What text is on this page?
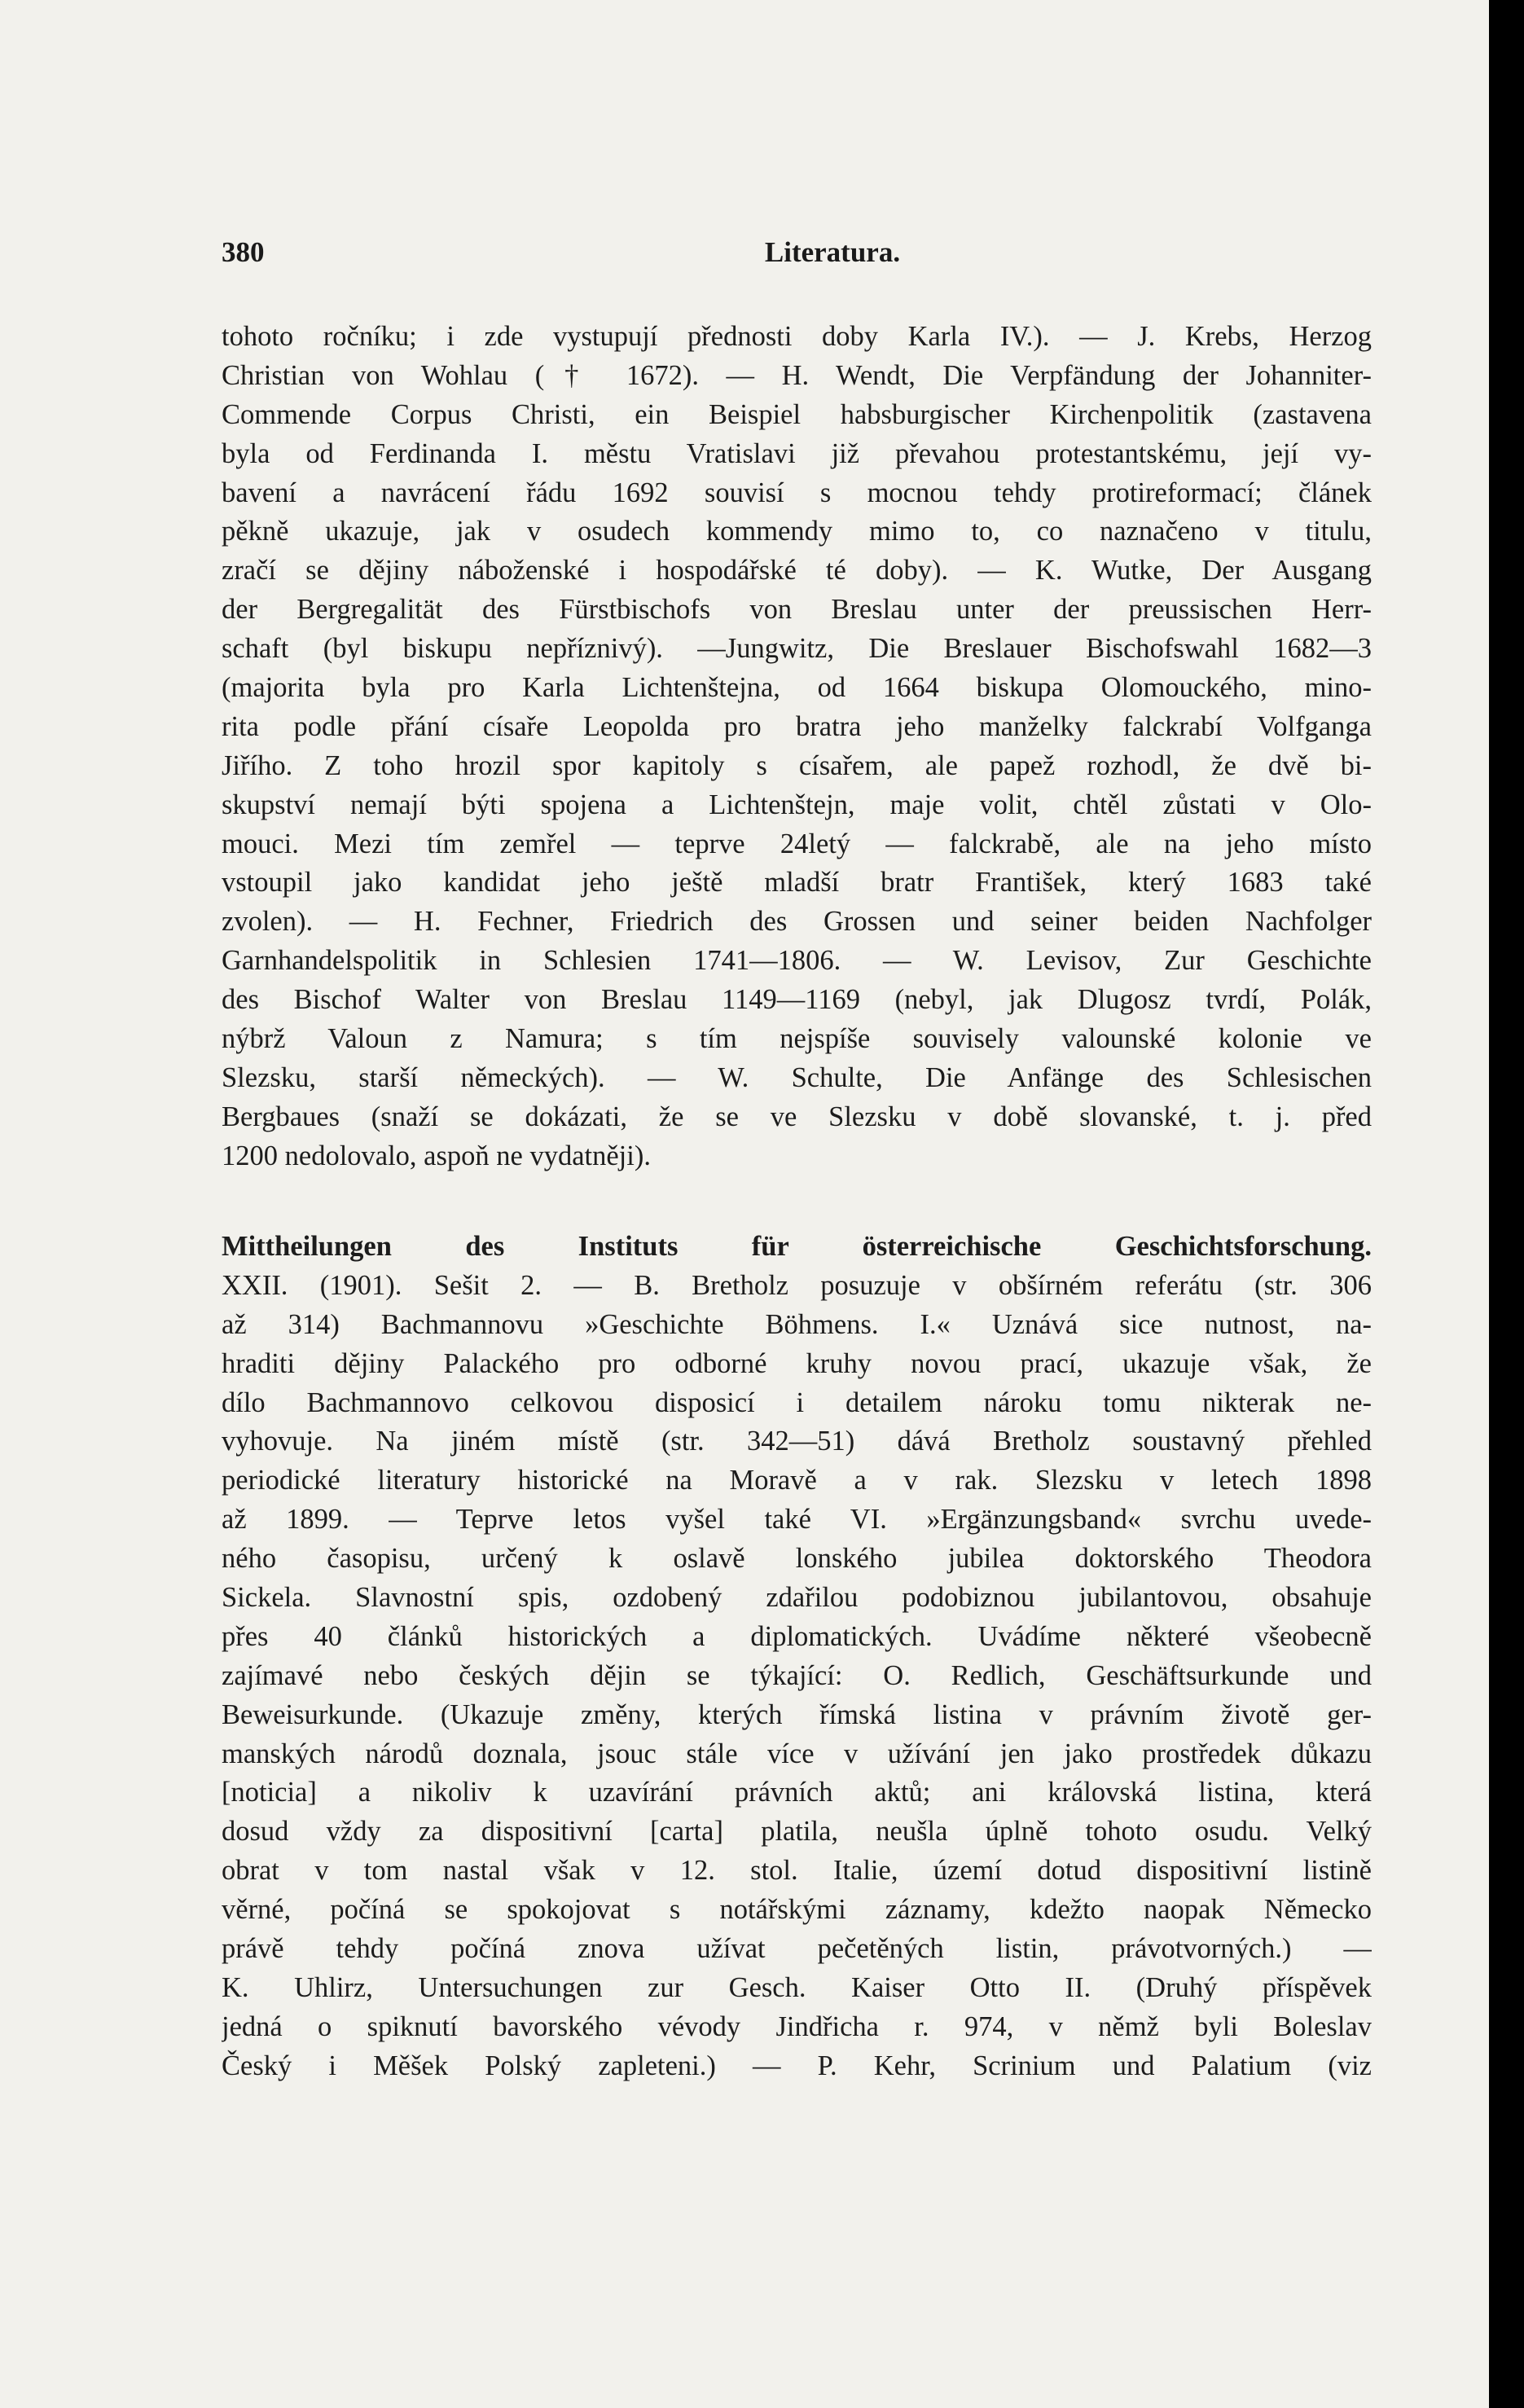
380	Literatura.
tohoto ročníku; i zde vystupují přednosti doby Karla IV.). — J. Krebs, Herzog
Christian von Wohlau († 1672). — H. Wendt, Die Verpfändung der Johanniter-
Commende Corpus Christi, ein Beispiel habsburgischer Kirchenpolitik (zastavena
byla od Ferdinanda I. městu Vratislavi již převahou protestantskému, její vy-
bavení a navrácení řádu 1692 souvisí s mocnou tehdy protireformací; článek
pěkně ukazuje, jak v osudech kommendy mimo to, co naznačeno v titulu,
zračí se dějiny náboženské i hospodářské té doby). — K. Wutke, Der Ausgang
der Bergregalität des Fürstbischofs von Breslau unter der preussischen Herr-
schaft (byl biskupu nepříznivý). —Jungwitz, Die Breslauer Bischofswahl 1682—3
(majorita byla pro Karla Lichtenštejna, od 1664 biskupa Olomouckého, mino-
rita podle přání císaře Leopolda pro bratra jeho manželky falckrabí Volfganga
Jiřího. Z toho hrozil spor kapitoly s císařem, ale papež rozhodl, že dvě bi-
skupství nemají býti spojena a Lichtenštejn, maje volit, chtěl zůstati v Olo-
mouci. Mezi tím zemřel — teprve 24letý — falckrabě, ale na jeho místo
vstoupil jako kandidat jeho ještě mladší bratr František, který 1683 také
zvolen). — H. Fechner, Friedrich des Grossen und seiner beiden Nachfolger
Garnhandelspolitik in Schlesien 1741—1806. — W. Levisov, Zur Geschichte
des Bischof Walter von Breslau 1149—1169 (nebyl, jak Dlugosz tvrdí, Polák,
nýbrž Valoun z Namura; s tím nejspíše souvisely valounské kolonie ve
Slezsku, starší německých). — W. Schulte, Die Anfänge des Schlesischen
Bergbaues (snaží se dokázati, že se ve Slezsku v době slovanské, t. j. před
1200 nedolovalo, aspoň ne vydatněji).
Mittheilungen des Instituts für österreichische Geschichtsforschung.
XXII. (1901). Sešit 2. — B. Bretholz posuzuje v obšírném referátu (str. 306
až 314) Bachmannovu »Geschichte Böhmens. I.« Uznává sice nutnost, na-
hraditi dějiny Palackého pro odborné kruhy novou prací, ukazuje však, že
dílo Bachmannovo celkovou disposicí i detailem nároku tomu nikterak ne-
vyhovuje. Na jiném místě (str. 342—51) dává Bretholz soustavný přehled
periodické literatury historické na Moravě a v rak. Slezsku v letech 1898
až 1899. — Teprve letos vyšel také VI. »Ergänzungsband« svrchu uvede-
ného časopisu, určený k oslavě lonského jubilea doktorského Theodora
Sickela. Slavnostní spis, ozdobený zdařilou podobiznou jubilantovou, obsahuje
přes 40 článků historických a diplomatických. Uvádíme některé všeobecně
zajímavé nebo českých dějin se týkající: O. Redlich, Geschäftsurkunde und
Beweisurkunde. (Ukazuje změny, kterých římská listina v právním životě ger-
manských národů doznala, jsouc stále více v užívání jen jako prostředek důkazu
[noticia] a nikoliv k uzavírání právních aktů; ani královská listina, která
dosud vždy za dispositivní [carta] platila, neušla úplně tohoto osudu. Velký
obrat v tom nastal však v 12. stol. Italie, území dotud dispositivní listině
věrné, počíná se spokojovat s notářskými záznamy, kdežto naopak Německo
právě tehdy počíná znova užívat pečetěných listin, právotvorných.) —
K. Uhlirz, Untersuchungen zur Gesch. Kaiser Otto II. (Druhý příspěvek
jedná o spiknutí bavorského vévody Jindřicha r. 974, v němž byli Boleslav
Český i Měšek Polský zapleteni.) — P. Kehr, Scrinium und Palatium (viz
